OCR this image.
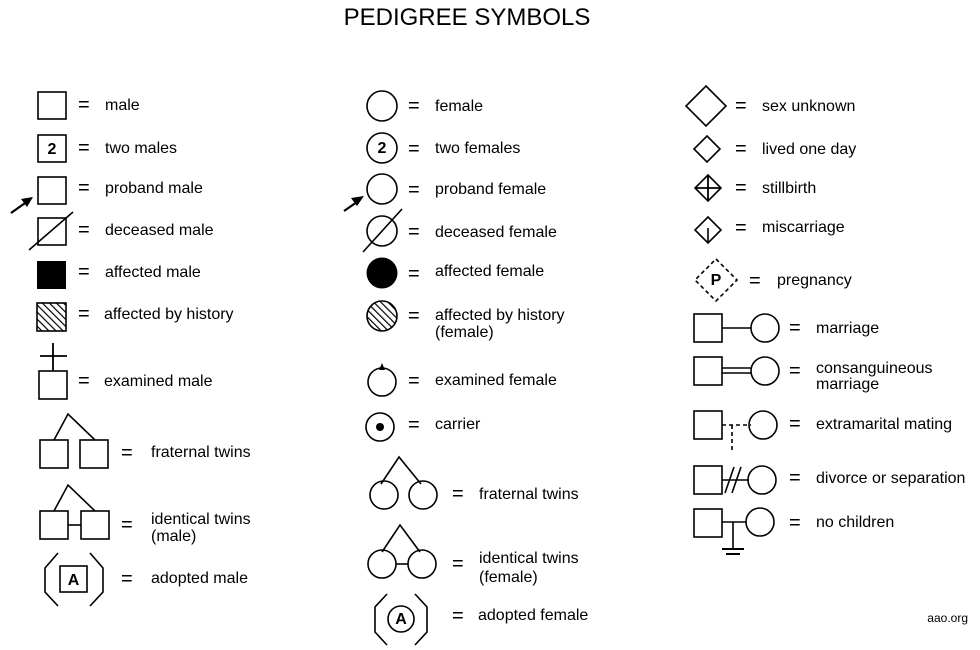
PEDIGREE SYMBOLS
= male
2 = two males
= proband male
= deceased male
= affected male
= affected by history
= examined male
= fraternal twins
= identical twins
(male)
A = adopted male
= female
2 = two females
= proband female
= deceased female
= affected female
= affected by history
(female)
= examined female
= carrier
= fraternal twins
= identical twins
(female)
A = adopted female
= sex unknown
= lived one day
= stillbirth
= miscarriage
P = pregnancy
= marriage
= consanguineous
marriage
= extramarital mating
= divorce or separation
= no children
aao.org
